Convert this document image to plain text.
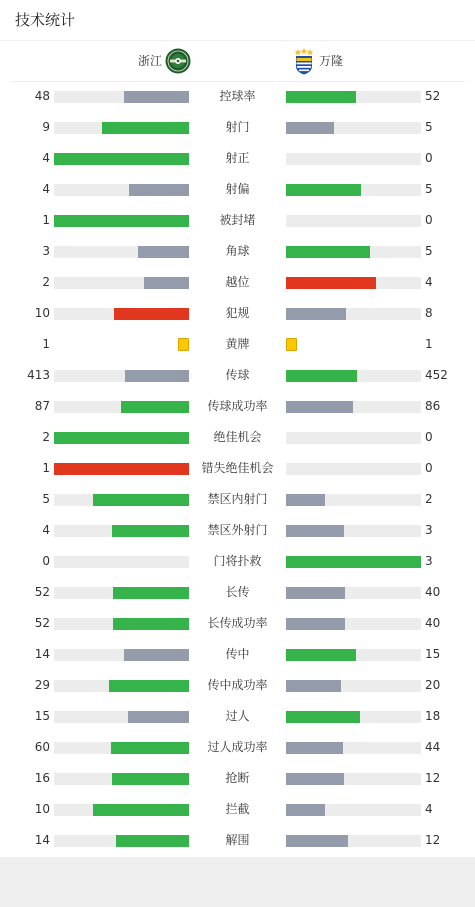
技术统计
浙江	万隆
48	控球率	52
9	射门	5
4	射正	0
4	射偏	5
1	被封堵	0
3	角球	5
2	越位	4
10	犯规	8
1	黄牌	1
413	传球	452
87	传球成功率	86
2	绝佳机会	0
1	错失绝佳机会	0
5	禁区内射门	2
4	禁区外射门	3
0	门将扑救	3
52	长传	40
52	长传成功率	40
14	传中	15
29	传中成功率	20
15	过人	18
60	过人成功率	44
16	抢断	12
10	拦截	4
14	解围	12
